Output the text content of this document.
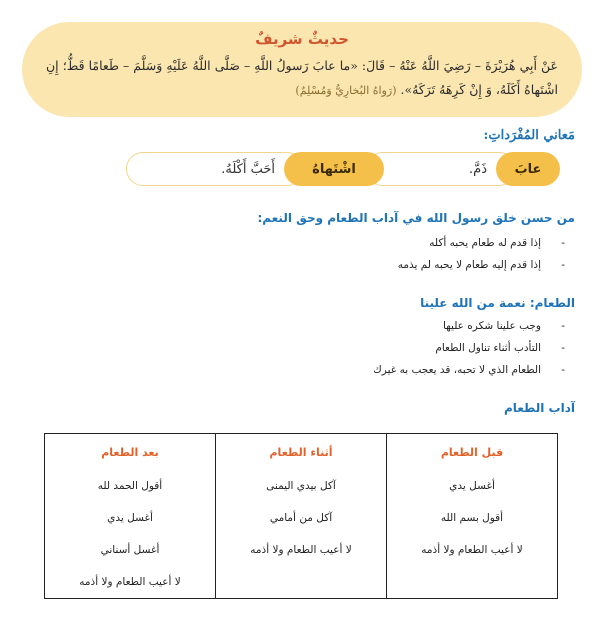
حديثٌ شريفٌ
عَنْ أَبِي هُرَيْرَةَ – رَضِيَ اللَّهُ عَنْهُ – قَالَ: «ما عابَ رَسولُ اللَّهِ – صَلَّى اللَّهُ عَلَيْهِ وَسَلَّمَ – طَعامًا قَطُّ؛ إِنِ اشْتَهاهُ أَكَلَهُ، وَ إِنْ كَرِهَهُ تَرَكَهُ». (رَواهُ البُخارِيُّ وَمُسْلِمٌ)
مَعاني المُفْرَداتِ:
عابَ
ذَمَّ.
اشْتَهاهُ
أَحَبَّ أَكْلَهُ.
من حسن خلق رسول الله في آداب الطعام وحق النعم:
- إذا قدم له طعام يحبه أكله
- إذا قدم إليه طعام لا يحبه لم يذمه
الطعام: نعمة من الله علينا
- وجب علينا شكره عليها
- التأدب أثناء تناول الطعام
- الطعام الذي لا تحبه، قد يعجب به غيرك
آداب الطعام
قبل الطعام	أثناء الطعام	بعد الطعام
أغسل يدي	آكل بيدي اليمنى	أقول الحمد لله
أقول بسم الله	آكل من أمامي	أغسل يدي
لا أعيب الطعام ولا أذمه	لا أعيب الطعام ولا أذمه	أغسل أسناني
		لا أعيب الطعام ولا أذمه
